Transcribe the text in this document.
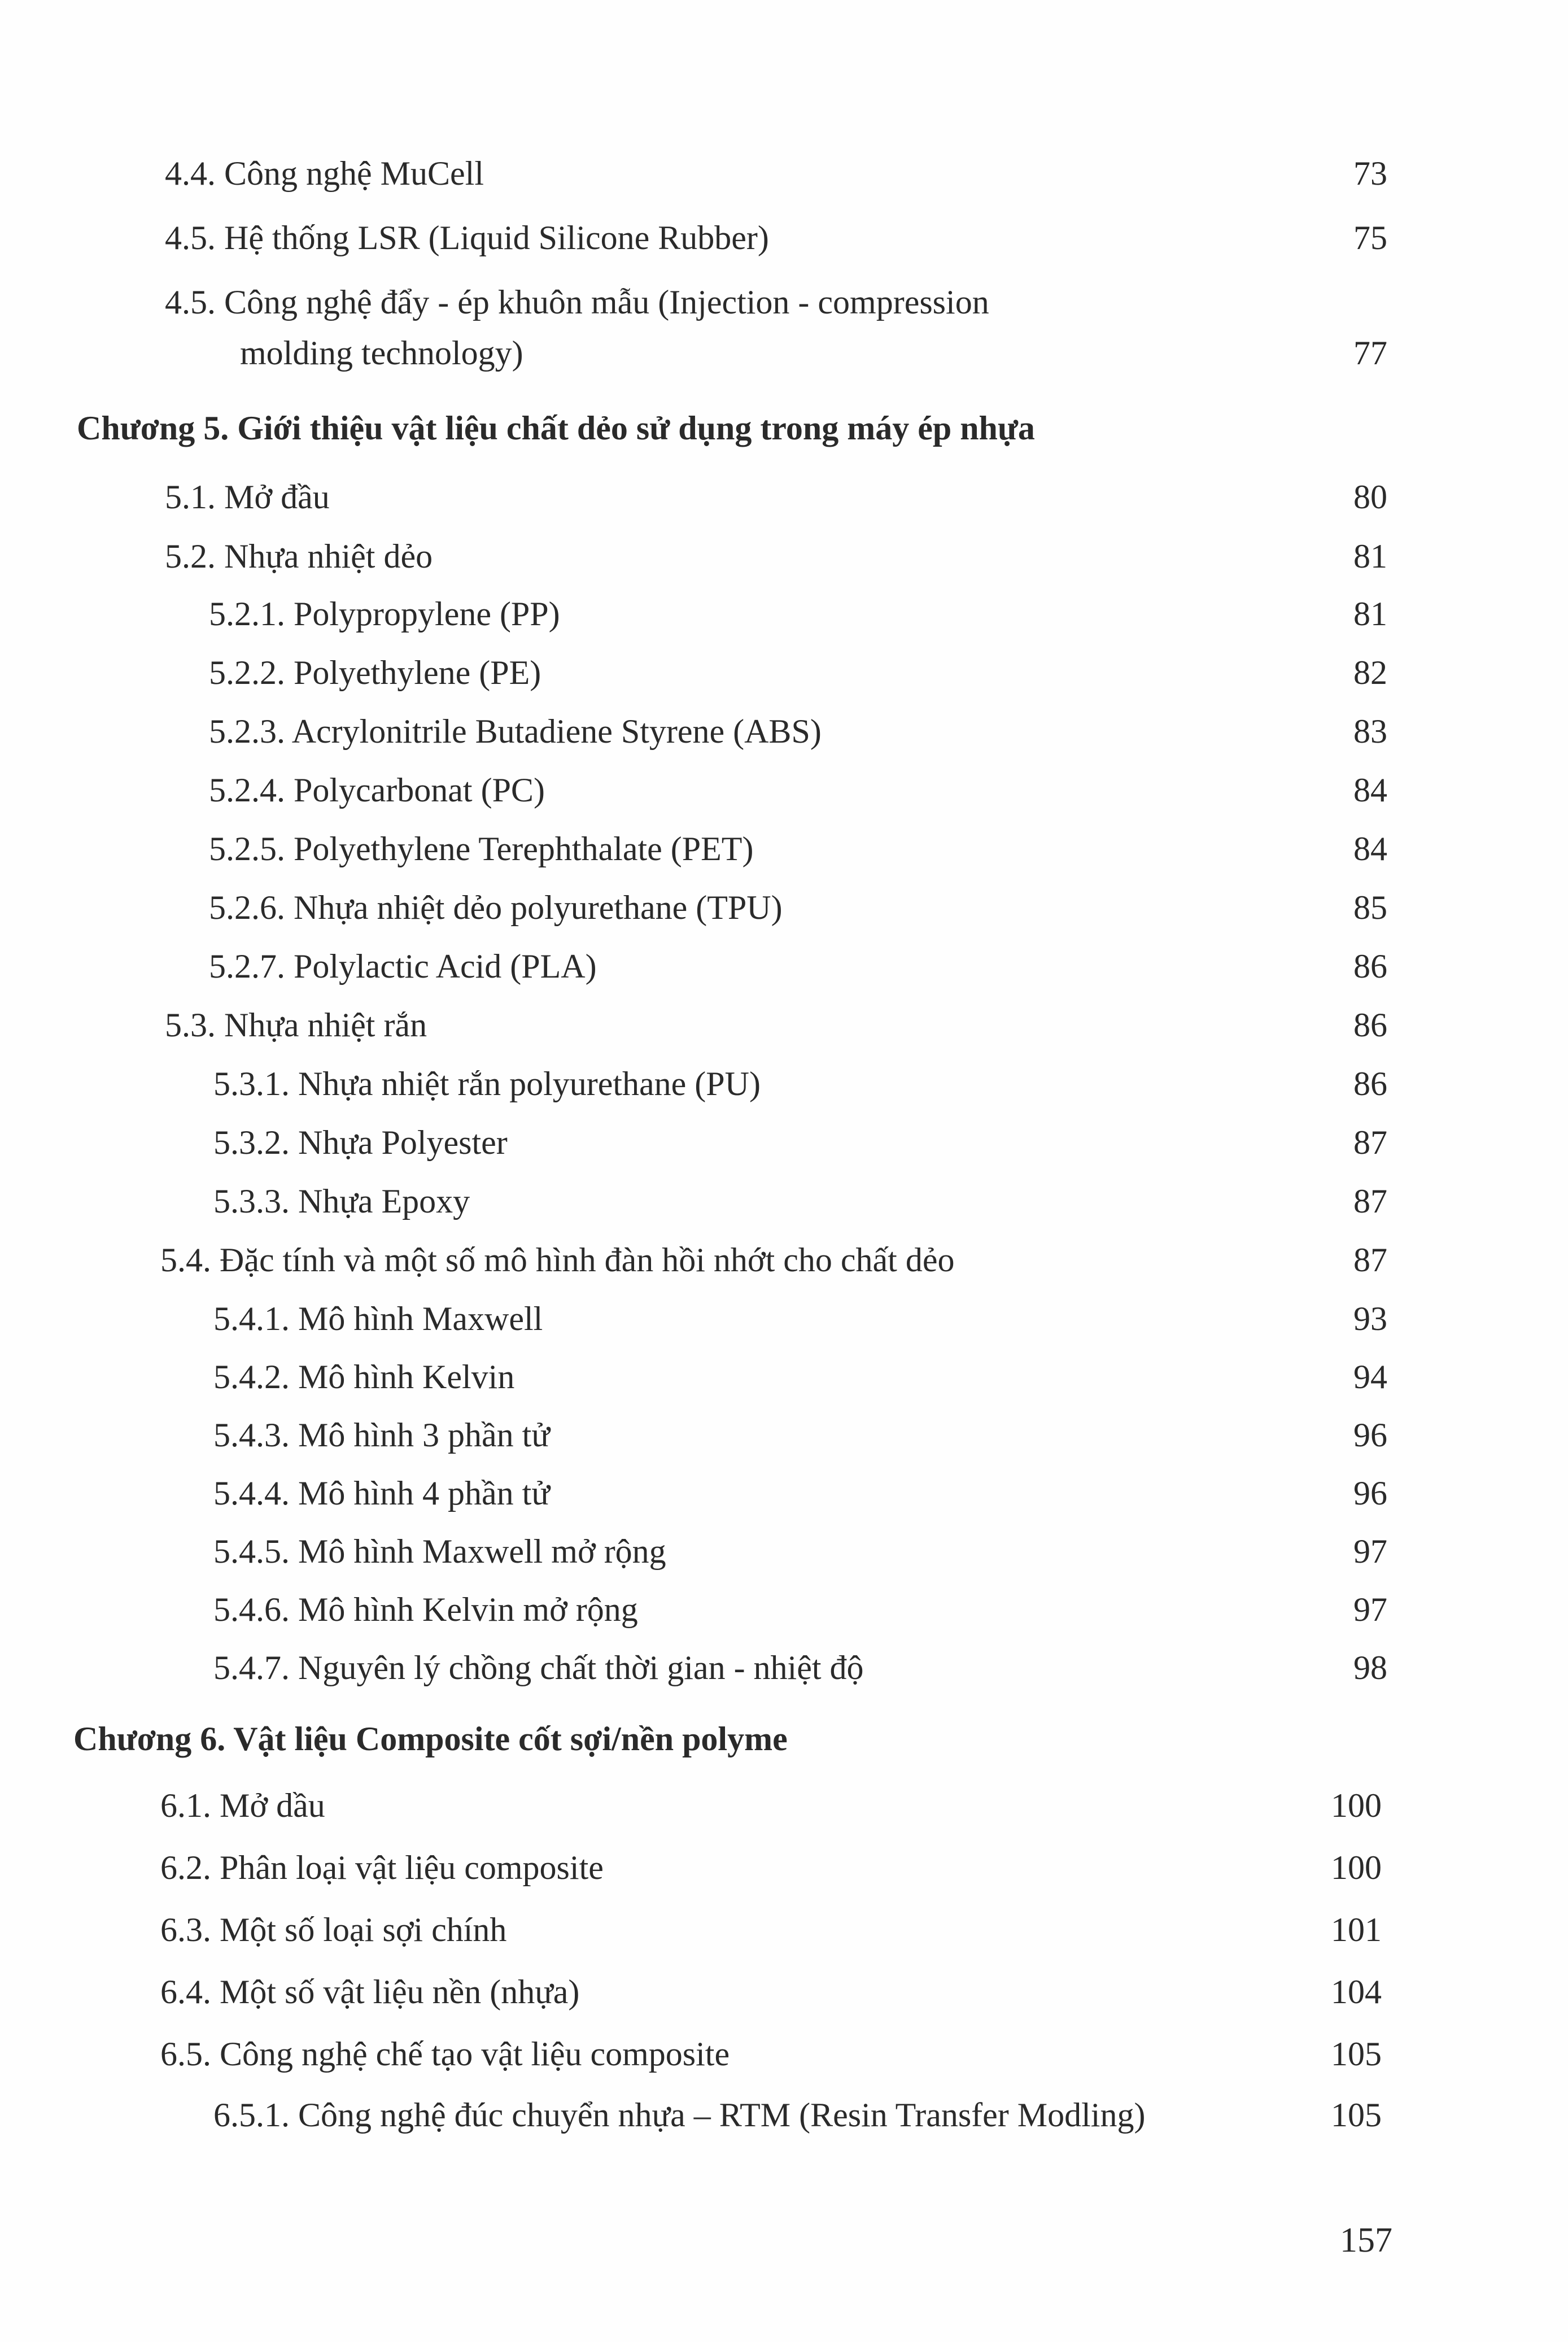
4.4. Công nghệ MuCell	73
4.5. Hệ thống LSR (Liquid Silicone Rubber)	75
4.5. Công nghệ đẩy - ép khuôn mẫu (Injection - compression
molding technology)	77
Chương 5. Giới thiệu vật liệu chất dẻo sử dụng trong máy ép nhựa
5.1. Mở đầu	80
5.2. Nhựa nhiệt dẻo	81
5.2.1. Polypropylene (PP)	81
5.2.2. Polyethylene (PE)	82
5.2.3. Acrylonitrile Butadiene Styrene (ABS)	83
5.2.4. Polycarbonat (PC)	84
5.2.5. Polyethylene Terephthalate (PET)	84
5.2.6. Nhựa nhiệt dẻo polyurethane (TPU)	85
5.2.7. Polylactic Acid (PLA)	86
5.3. Nhựa nhiệt rắn	86
5.3.1. Nhựa nhiệt rắn polyurethane (PU)	86
5.3.2. Nhựa Polyester	87
5.3.3. Nhựa Epoxy	87
5.4. Đặc tính và một số mô hình đàn hồi nhớt cho chất dẻo	87
5.4.1. Mô hình Maxwell	93
5.4.2. Mô hình Kelvin	94
5.4.3. Mô hình 3 phần tử	96
5.4.4. Mô hình 4 phần tử	96
5.4.5. Mô hình Maxwell mở rộng	97
5.4.6. Mô hình Kelvin mở rộng	97
5.4.7. Nguyên lý chồng chất thời gian - nhiệt độ	98
Chương 6. Vật liệu Composite cốt sợi/nền polyme
6.1. Mở dầu	100
6.2. Phân loại vật liệu composite	100
6.3. Một số loại sợi chính	101
6.4. Một số vật liệu nền (nhựa)	104
6.5. Công nghệ chế tạo vật liệu composite	105
6.5.1. Công nghệ đúc chuyển nhựa – RTM (Resin Transfer Modling)	105
157
